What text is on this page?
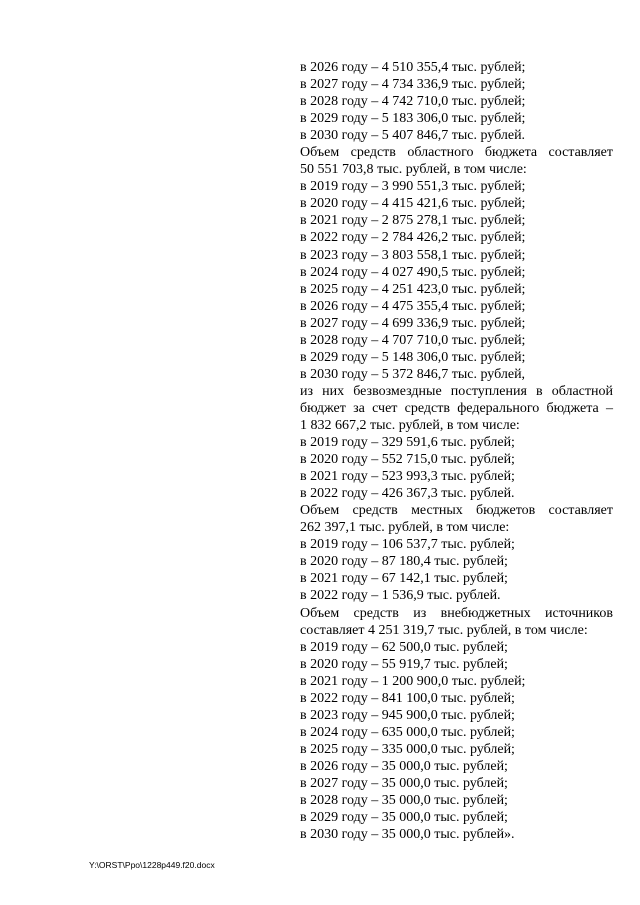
в 2026 году – 4 510 355,4 тыс. рублей;
в 2027 году – 4 734 336,9 тыс. рублей;
в 2028 году – 4 742 710,0 тыс. рублей;
в 2029 году – 5 183 306,0 тыс. рублей;
в 2030 году – 5 407 846,7 тыс. рублей.
Объем средств областного бюджета составляет
50 551 703,8 тыс. рублей, в том числе:
в 2019 году – 3 990 551,3 тыс. рублей;
в 2020 году – 4 415 421,6 тыс. рублей;
в 2021 году – 2 875 278,1 тыс. рублей;
в 2022 году – 2 784 426,2 тыс. рублей;
в 2023 году – 3 803 558,1 тыс. рублей;
в 2024 году – 4 027 490,5 тыс. рублей;
в 2025 году – 4 251 423,0 тыс. рублей;
в 2026 году – 4 475 355,4 тыс. рублей;
в 2027 году – 4 699 336,9 тыс. рублей;
в 2028 году – 4 707 710,0 тыс. рублей;
в 2029 году – 5 148 306,0 тыс. рублей;
в 2030 году – 5 372 846,7 тыс. рублей,
из них безвозмездные поступления в областной
бюджет за счет средств федерального бюджета –
1 832 667,2 тыс. рублей, в том числе:
в 2019 году – 329 591,6 тыс. рублей;
в 2020 году – 552 715,0 тыс. рублей;
в 2021 году – 523 993,3 тыс. рублей;
в 2022 году – 426 367,3 тыс. рублей.
Объем средств местных бюджетов составляет
262 397,1 тыс. рублей, в том числе:
в 2019 году – 106 537,7 тыс. рублей;
в 2020 году – 87 180,4 тыс. рублей;
в 2021 году – 67 142,1 тыс. рублей;
в 2022 году – 1 536,9 тыс. рублей.
Объем средств из внебюджетных источников
составляет 4 251 319,7 тыс. рублей, в том числе:
в 2019 году – 62 500,0 тыс. рублей;
в 2020 году – 55 919,7 тыс. рублей;
в 2021 году – 1 200 900,0 тыс. рублей;
в 2022 году – 841 100,0 тыс. рублей;
в 2023 году – 945 900,0 тыс. рублей;
в 2024 году – 635 000,0 тыс. рублей;
в 2025 году – 335 000,0 тыс. рублей;
в 2026 году – 35 000,0 тыс. рублей;
в 2027 году – 35 000,0 тыс. рублей;
в 2028 году – 35 000,0 тыс. рублей;
в 2029 году – 35 000,0 тыс. рублей;
в 2030 году – 35 000,0 тыс. рублей».
Y:\ORST\Ppo\1228p449.f20.docx
